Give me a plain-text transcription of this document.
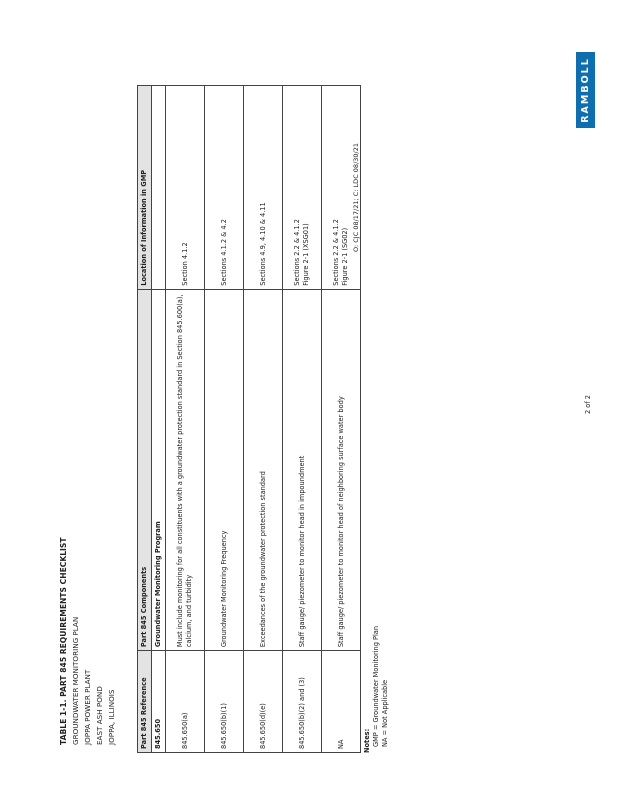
TABLE 1-1. PART 845 REQUIREMENTS CHECKLIST GROUNDWATER MONITORING PLAN JOPPA POWER PLANT EAST ASH POND JOPPA, ILLINOIS
RAMBOLL
Part 845 Reference	Part 845 Components	Location of Information in GMP
845.650	Groundwater Monitoring Program	
845.650(a)	Must include monitoring for all constituents with a groundwater protection standard in Section 845.600(a), calcium, and turbidity	Section 4.1.2
845.650(b)(1)	Groundwater Monitoring Frequency	Sections 4.1.2 & 4.2
845.650(d)(e)	Exceedances of the groundwater protection standard	Sections 4.9, 4.10 & 4.11
845.650(b)(2) and (3)	Staff gauge/ piezometer to monitor head in impoundment	Sections 2.2 & 4.1.2
Figure 2-1 (XSG01)
NA	Staff gauge/ piezometer to monitor head of neighboring surface water body	Sections 2.2 & 4.1.2
Figure 2-1 (SG02) O: CJC 08/17/21; C: LDC 08/30/21
Notes: GMP = Groundwater Monitoring Plan NA = Not Applicable
2 of 2
